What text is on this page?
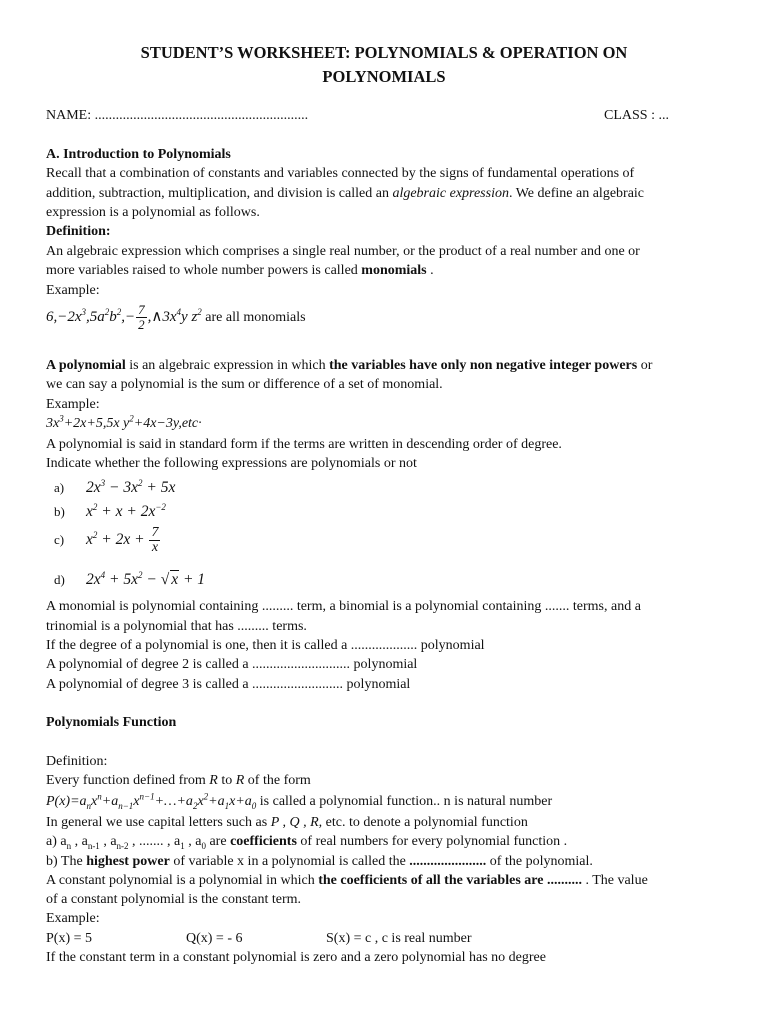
STUDENT’S WORKSHEET: POLYNOMIALS & OPERATION ON
POLYNOMIALS
NAME: .............................................................	CLASS : ...
A. Introduction to Polynomials
Recall that a combination of constants and variables connected by the signs of fundamental operations of
addition, subtraction, multiplication, and division is called an algebraic expression. We define an algebraic
expression is a polynomial as follows.
Definition:
An algebraic expression which comprises a single real number, or the product of a real number and one or
more variables raised to whole number powers is called monomials .
Example:
$6,-2x^3,5a^2b^2,- \frac{7}{2}$ $,\wedge 3x^4y$ $z^2$ are all monomials
A polynomial is an algebraic expression in which the variables have only non negative integer powers or
we can say a polynomial is the sum or difference of a set of monomial.
Example:
$3x^3+2x+5,5x$ $y^2+4x-3y,etc\cdot$
A polynomial is said in standard form if the terms are written in descending order of degree.
Indicate whether the following expressions are polynomials or not
a) $2x^3 - 3x^2 + 5x$
b) $x^2 + x + 2x^{-2}$
c) $x^2 + 2x + \frac{7}{x}$
d) $2x^4 + 5x^2$ − √ x + 1
A monomial is polynomial containing ......... term, a binomial is a polynomial containing ....... terms, and a
trinomial is a polynomial that has ......... terms.
If the degree of a polynomial is one, then it is called a ................... polynomial
A polynomial of degree 2 is called a ............................ polynomial
A polynomial of degree 3 is called a .......................... polynomial
Polynomials Function
Definition:
Every function defined from R to R of the form
$P(x)=a_nx^n+a_{n-1}x^{n-1}+\dots+a_2x^2+a_1x+a_0$ is called a polynomial function.. n is natural number
In general we use capital letters such as P , Q , R, etc. to denote a polynomial function
a) $a_n$ , $a_{n-1}$ , $a_{n-2}$ , ....... , $a_1$ , $a_0$ are coefficients of real numbers for every polynomial function .
b) The highest power of variable x in a polynomial is called the ...................... of the polynomial.
A constant polynomial is a polynomial in which the coefficients of all the variables are .......... . The value
of a constant polynomial is the constant term.
Example:
P(x) = 5	Q(x) = - 6	S(x) = c , c is real number
If the constant term in a constant polynomial is zero and a zero polynomial has no degree
